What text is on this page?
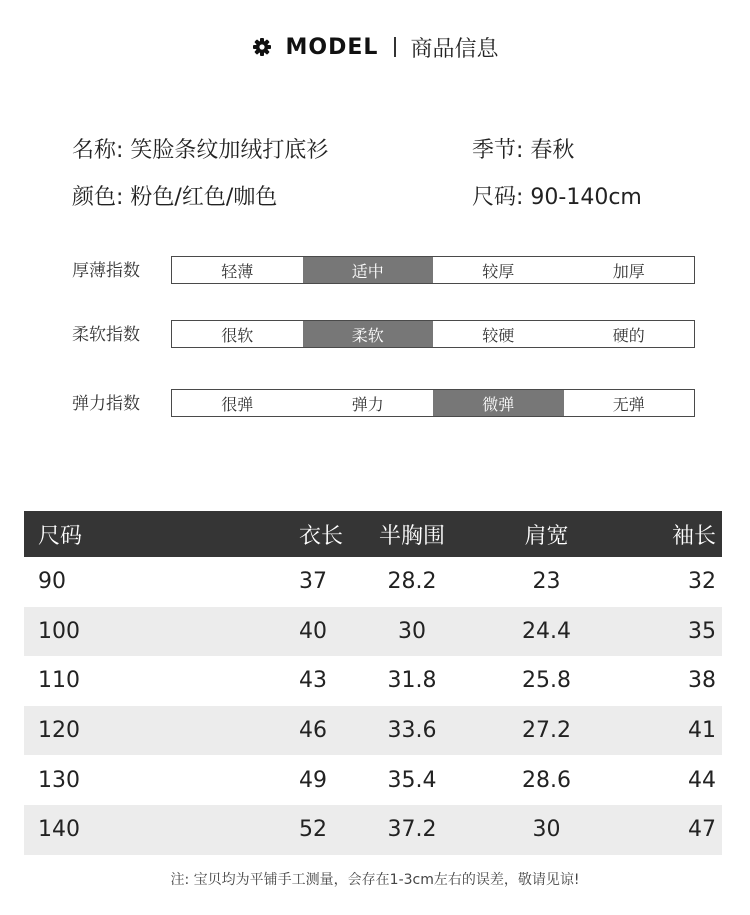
MODEL 商品信息
名称: 笑脸条纹加绒打底衫	季节: 春秋
颜色: 粉色/红色/咖色	尺码: 90-140cm
厚薄指数	轻薄	适中	较厚	加厚
柔软指数	很软	柔软	较硬	硬的
弹力指数	很弹	弹力	微弹	无弹
尺码	衣长	半胸围	肩宽	袖长
90	37	28.2	23	32
100	40	30	24.4	35
110	43	31.8	25.8	38
120	46	33.6	27.2	41
130	49	35.4	28.6	44
140	52	37.2	30	47
注: 宝贝均为平铺手工测量，会存在1-3cm左右的误差，敬请见谅!
